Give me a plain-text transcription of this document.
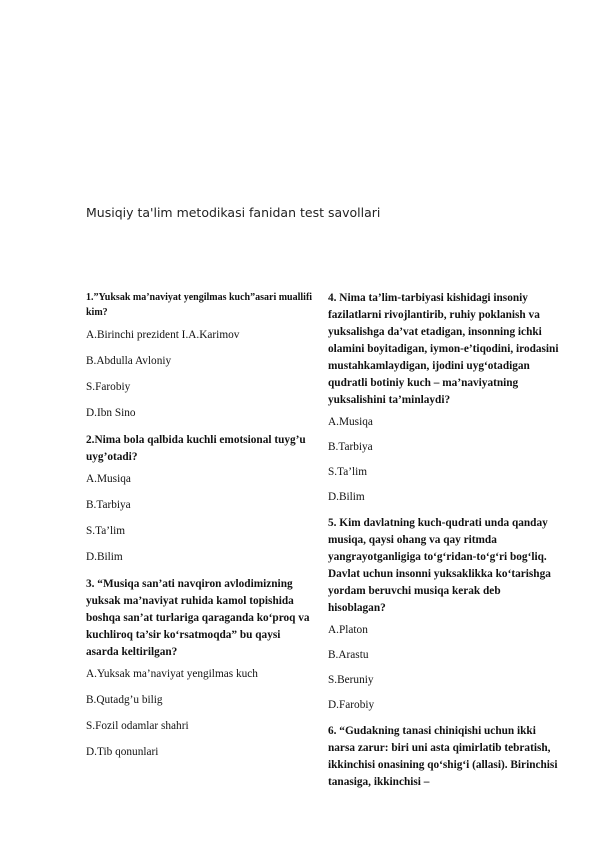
Musiqiy ta'lim metodikasi fanidan test savollari
1.”Yuksak ma’naviyat yengilmas kuch”asari muallifi kim?
A.Birinchi prezident I.A.Karimov
B.Abdulla Avloniy
S.Farobiy
D.Ibn Sino
2.Nima bola qalbida kuchli emotsional tuyg’u uyg’otadi?
A.Musiqa
B.Tarbiya
S.Ta’lim
D.Bilim
3. “Musiqa san’ati navqiron avlodimizning yuksak ma’naviyat ruhida kamol topishida boshqa san’at turlariga qaraganda ko‘proq va kuchliroq ta’sir ko‘rsatmoqda” bu qaysi asarda keltirilgan?
A.Yuksak ma’naviyat yengilmas kuch
B.Qutadg’u bilig
S.Fozil odamlar shahri
D.Tib qonunlari
4. Nima ta’lim-tarbiyasi kishidagi insoniy fazilatlarni rivojlantirib, ruhiy poklanish va yuksalishga da’vat etadigan, insonning ichki olamini boyitadigan, iymon-e’tiqodini, irodasini mustahkamlaydigan, ijodini uyg‘otadigan qudratli botiniy kuch – ma’naviyatning yuksalishini ta’minlaydi?
A.Musiqa
B.Tarbiya
S.Ta’lim
D.Bilim
5. Kim davlatning kuch-qudrati unda qanday musiqa, qaysi ohang va qay ritmda yangrayotganligiga to‘g‘ridan-to‘g‘ri bog‘liq. Davlat uchun insonni yuksaklikka ko‘tarishga yordam beruvchi musiqa kerak deb hisoblagan?
A.Platon
B.Arastu
S.Beruniy
D.Farobiy
6. “Gudakning tanasi chiniqishi uchun ikki narsa zarur: biri uni asta qimirlatib tebratish, ikkinchisi onasining qo‘shig‘i (allasi). Birinchisi tanasiga, ikkinchisi –
